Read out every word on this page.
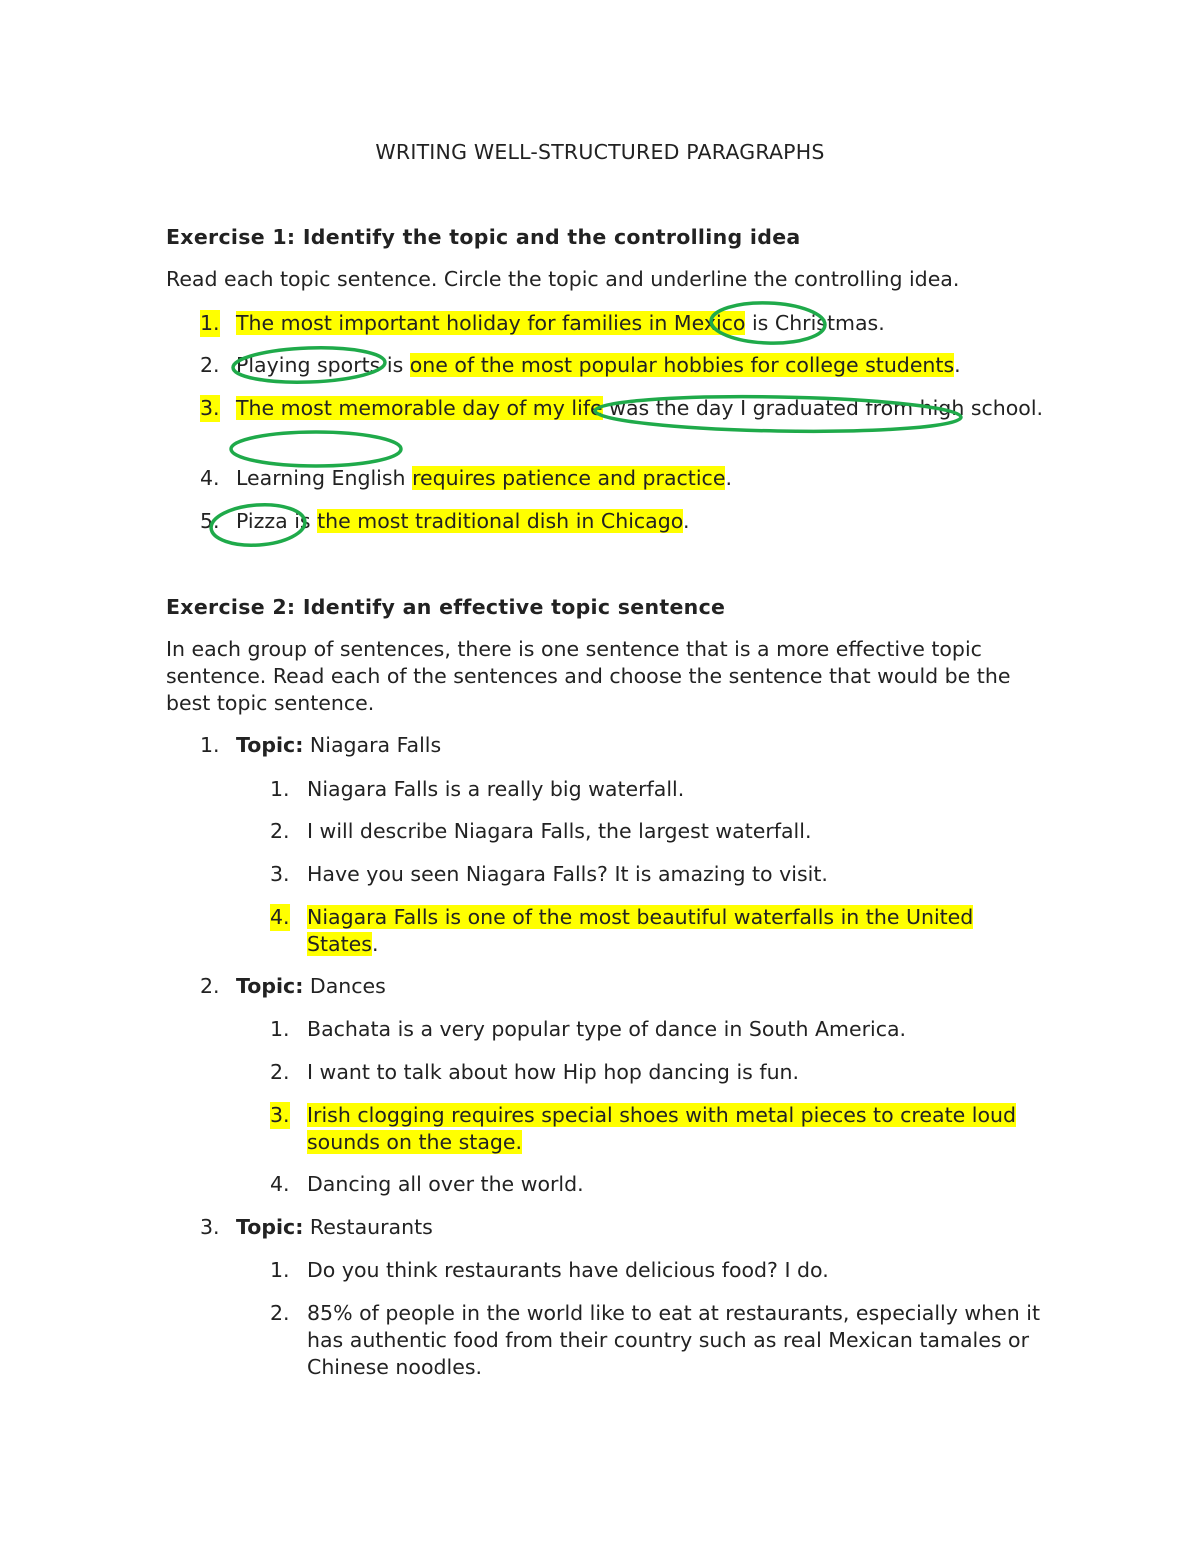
WRITING WELL-STRUCTURED PARAGRAPHS
Exercise 1: Identify the topic and the controlling idea
Read each topic sentence. Circle the topic and underline the controlling idea.
1. The most important holiday for families in Mexico is Christmas.
2. Playing sports is one of the most popular hobbies for college students.
3. The most memorable day of my life was the day I graduated from high school.
4. Learning English requires patience and practice.
5. Pizza is the most traditional dish in Chicago.
Exercise 2: Identify an effective topic sentence
In each group of sentences, there is one sentence that is a more effective topic sentence. Read each of the sentences and choose the sentence that would be the best topic sentence.
1. Topic: Niagara Falls
1. Niagara Falls is a really big waterfall.
2. I will describe Niagara Falls, the largest waterfall.
3. Have you seen Niagara Falls? It is amazing to visit.
4. Niagara Falls is one of the most beautiful waterfalls in the United States.
2. Topic: Dances
1. Bachata is a very popular type of dance in South America.
2. I want to talk about how Hip hop dancing is fun.
3. Irish clogging requires special shoes with metal pieces to create loud sounds on the stage.
4. Dancing all over the world.
3. Topic: Restaurants
1. Do you think restaurants have delicious food? I do.
2. 85% of people in the world like to eat at restaurants, especially when it has authentic food from their country such as real Mexican tamales or Chinese noodles.
